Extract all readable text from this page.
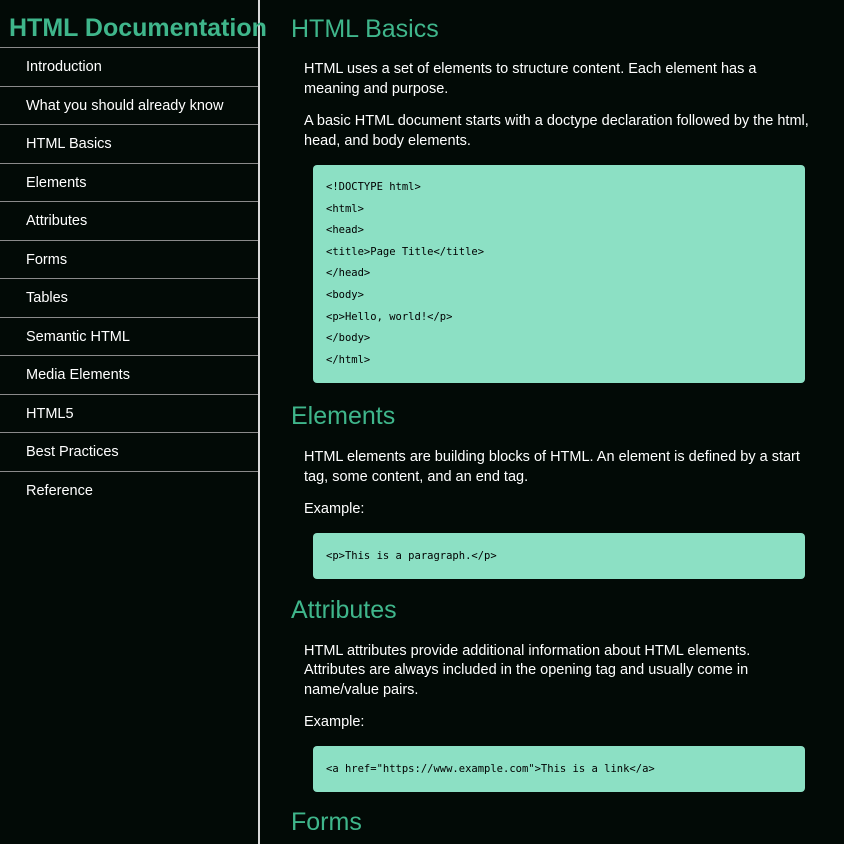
HTML Documentation
Introduction
What you should already know
HTML Basics
Elements
Attributes
Forms
Tables
Semantic HTML
Media Elements
HTML5
Best Practices
Reference
HTML Basics

HTML uses a set of elements to structure content. Each element has a meaning and purpose.

A basic HTML document starts with a doctype declaration followed by the html, head, and body elements.

<!DOCTYPE html>
<html>
<head>
<title>Page Title</title>
</head>
<body>
<p>Hello, world!</p>
</body>
</html>
Elements

HTML elements are building blocks of HTML. An element is defined by a start tag, some content, and an end tag.

Example:

<p>This is a paragraph.</p>
Attributes

HTML attributes provide additional information about HTML elements. Attributes are always included in the opening tag and usually come in name/value pairs.

Example:

<a href="https://www.example.com">This is a link</a>
Forms
